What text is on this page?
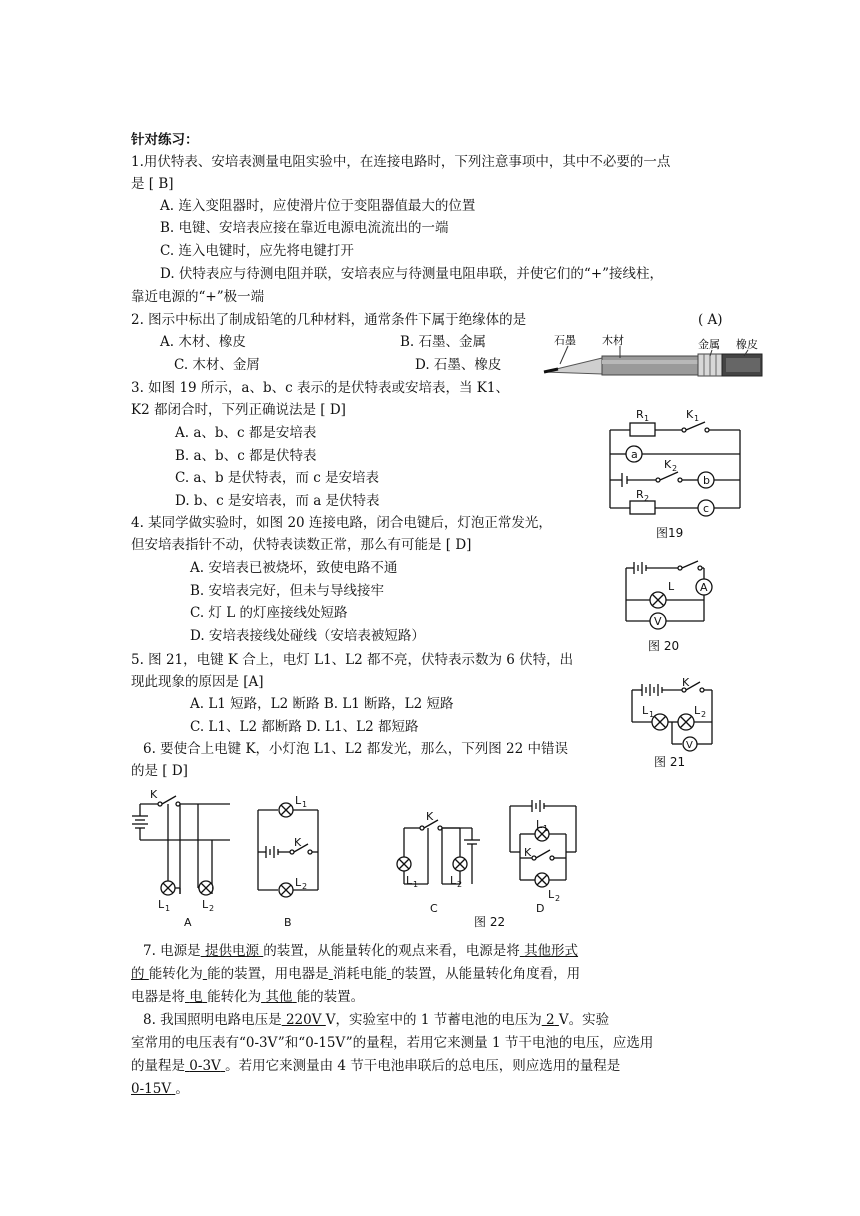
针对练习：
1.用伏特表、安培表测量电阻实验中，在连接电路时，下列注意事项中，其中不必要的一点
是 [ B]
A. 连入变阻器时，应使滑片位于变阻器值最大的位置
B. 电键、安培表应接在靠近电源电流流出的一端
C. 连入电键时，应先将电键打开
D. 伏特表应与待测电阻并联，安培表应与待测量电阻串联，并使它们的“+”接线柱，
靠近电源的“+”极一端
2. 图示中标出了制成铅笔的几种材料，通常条件下属于绝缘体的是	( A)
A. 木材、橡皮	B. 石墨、金属
C. 木材、金屑	D. 石墨、橡皮
石墨 木材	金属 橡皮
3. 如图 19 所示，a、b、c 表示的是伏特表或安培表，当 K1、
K2 都闭合时，下列正确说法是 [ D]
A. a、b、c 都是安培表
B. a、b、c 都是伏特表
C. a、b 是伏特表，而 c 是安培表
D. b、c 是安培表，而 a 是伏特表
R 1	K 1
a
K 2
b
R 2
c
图19
4. 某同学做实验时，如图 20 连接电路，闭合电键后，灯泡正常发光，
但安培表指针不动，伏特表读数正常，那么有可能是 [ D]
A. 安培表已被烧坏，致使电路不通
B. 安培表完好，但未与导线接牢
C. 灯 L 的灯座接线处短路
D. 安培表接线处碰线（安培表被短路）
L A
V
图 20
5. 图 21，电键 K 合上，电灯 L1、L2 都不亮，伏特表示数为 6 伏特，出
现此现象的原因是 [A]
A. L1 短路，L2 断路 B. L1 断路，L2 短路
C. L1、L2 都断路 D. L1、L2 都短路
K
L 1	L 2
V
图 21
6. 要使合上电键 K，小灯泡 L1、L2 都发光，那么，下列图 22 中错误
的是 [ D]
K
L 1	L 2
A
L 1
K
L 2
B
K
L 1	L 2
C
L 1
K
L 2
D
图 22
7. 电源是 提供电源 的装置，从能量转化的观点来看，电源是将 其他形式
的 能转化为 能的装置，用电器是 消耗电能 的装置，从能量转化角度看，用
电器是将 电 能转化为 其他 能的装置。
8. 我国照明电路电压是 220V V，实验室中的 1 节蓄电池的电压为 2 V。实验
室常用的电压表有“0-3V”和“0-15V”的量程，若用它来测量 1 节干电池的电压，应选用
的量程是 0-3V 。若用它来测量由 4 节干电池串联后的总电压，则应选用的量程是
0-15V 。
